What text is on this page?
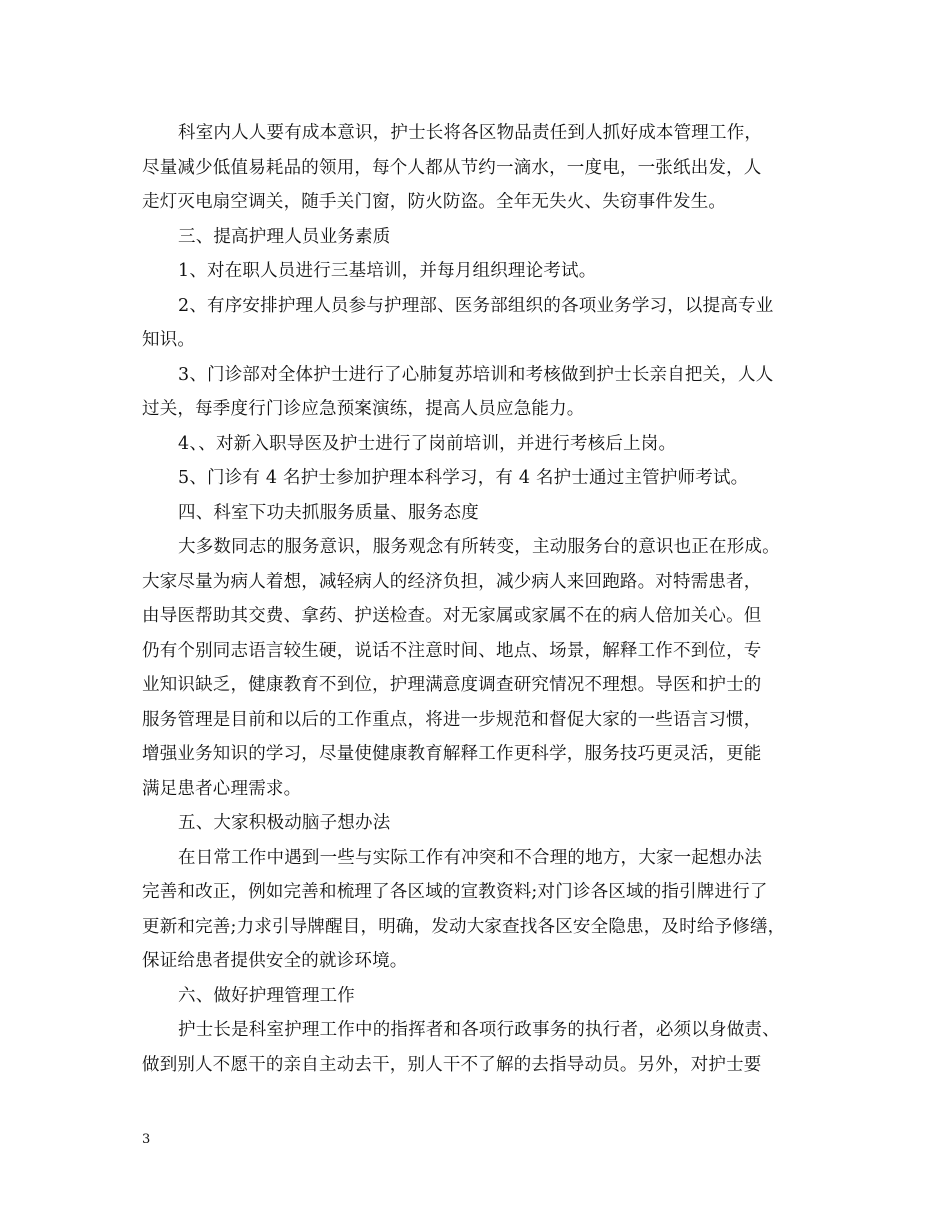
科室内人人要有成本意识，护士长将各区物品责任到人抓好成本管理工作，
尽量减少低值易耗品的领用，每个人都从节约一滴水，一度电，一张纸出发，人
走灯灭电扇空调关，随手关门窗，防火防盗。全年无失火、失窃事件发生。
三、提高护理人员业务素质
1、对在职人员进行三基培训，并每月组织理论考试。
2、有序安排护理人员参与护理部、医务部组织的各项业务学习，以提高专业
知识。
3、门诊部对全体护士进行了心肺复苏培训和考核做到护士长亲自把关，人人
过关，每季度行门诊应急预案演练，提高人员应急能力。
4、、对新入职导医及护士进行了岗前培训，并进行考核后上岗。
5、门诊有 4 名护士参加护理本科学习，有 4 名护士通过主管护师考试。
四、科室下功夫抓服务质量、服务态度
大多数同志的服务意识，服务观念有所转变，主动服务台的意识也正在形成。
大家尽量为病人着想，减轻病人的经济负担，减少病人来回跑路。对特需患者，
由导医帮助其交费、拿药、护送检查。对无家属或家属不在的病人倍加关心。但
仍有个别同志语言较生硬，说话不注意时间、地点、场景，解释工作不到位，专
业知识缺乏，健康教育不到位，护理满意度调查研究情况不理想。导医和护士的
服务管理是目前和以后的工作重点，将进一步规范和督促大家的一些语言习惯，
增强业务知识的学习，尽量使健康教育解释工作更科学，服务技巧更灵活，更能
满足患者心理需求。
五、大家积极动脑子想办法
在日常工作中遇到一些与实际工作有冲突和不合理的地方，大家一起想办法
完善和改正，例如完善和梳理了各区域的宣教资料;对门诊各区域的指引牌进行了
更新和完善;力求引导牌醒目，明确，发动大家查找各区安全隐患，及时给予修缮，
保证给患者提供安全的就诊环境。
六、做好护理管理工作
护士长是科室护理工作中的指挥者和各项行政事务的执行者，必须以身做责、
做到别人不愿干的亲自主动去干，别人干不了解的去指导动员。另外，对护士要
3
